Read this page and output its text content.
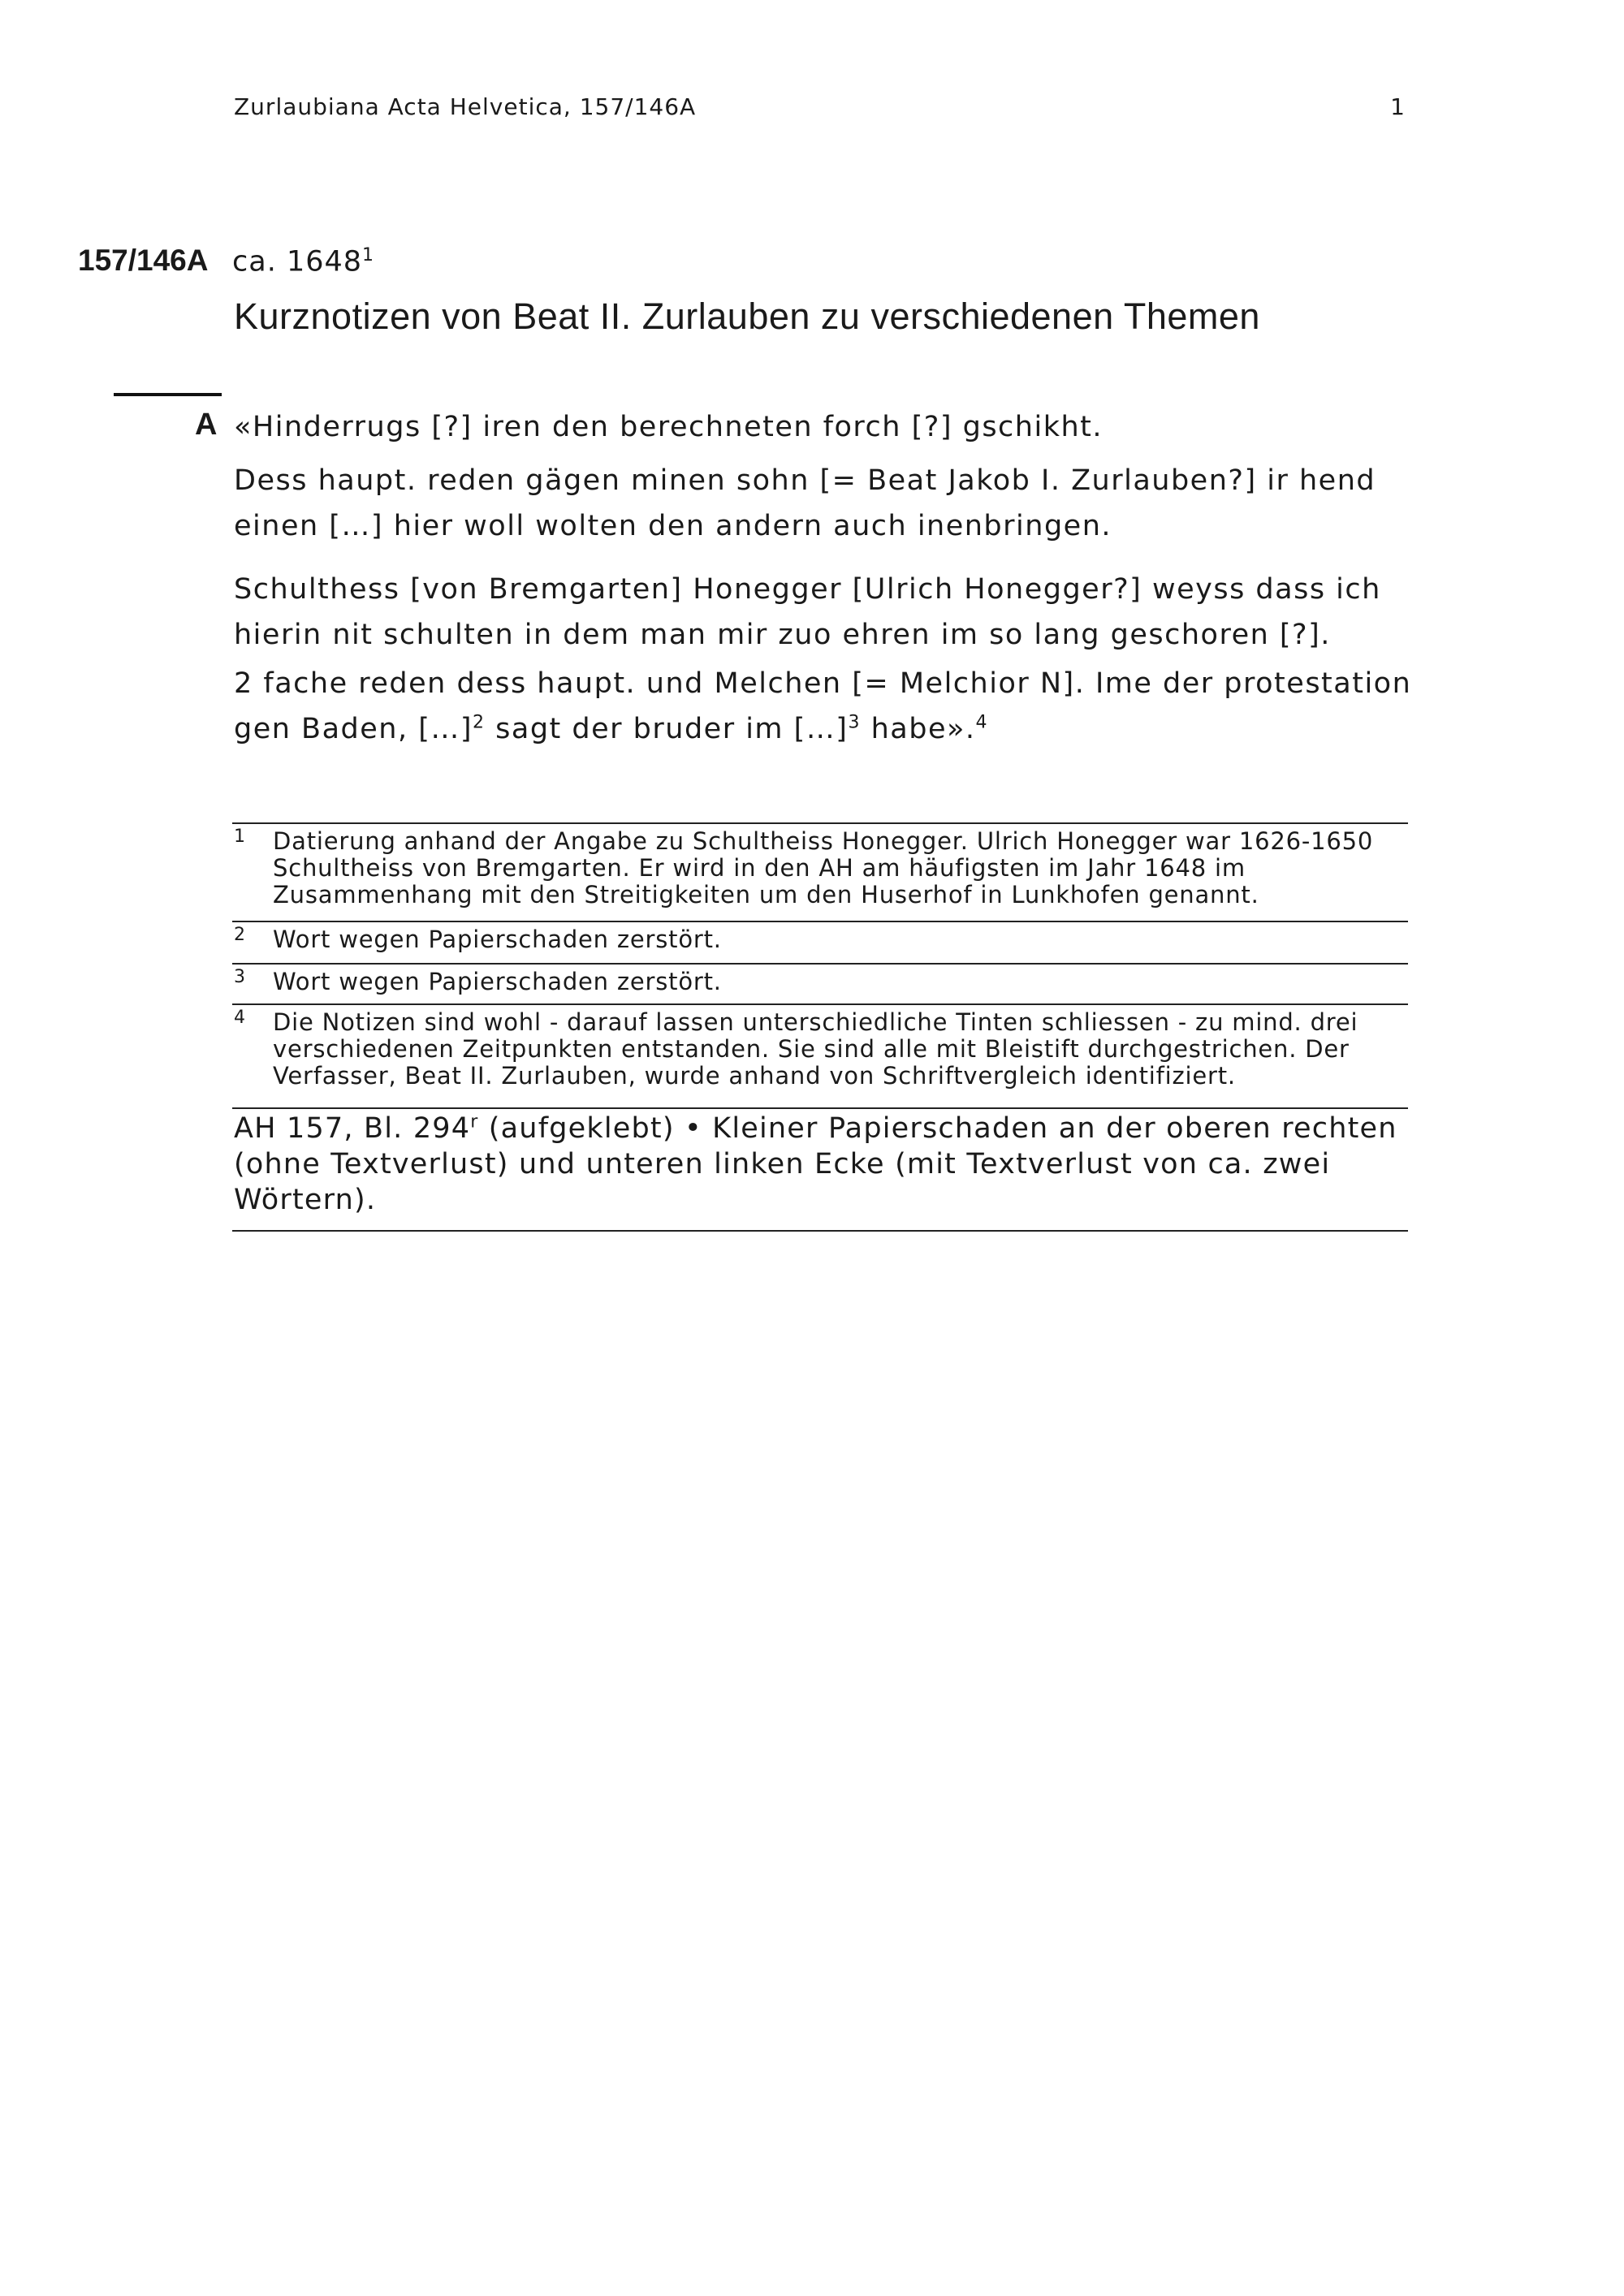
Zurlaubiana Acta Helvetica, 157/146A	1
157/146A ca. 1648$^1$
Kurznotizen von Beat II. Zurlauben zu verschiedenen Themen
A «Hinderrugs [?] iren den berechneten forch [?] gschikht.
Dess haupt. reden gägen minen sohn [= Beat Jakob I. Zurlauben?] ir hend einen […] hier woll wolten den andern auch inenbringen.
Schulthess [von Bremgarten] Honegger [Ulrich Honegger?] weyss dass ich hierin nit schulten in dem man mir zuo ehren im so lang geschoren [?].
2 fache reden dess haupt. und Melchen [= Melchior N]. Ime der protestation gen Baden, […]$^2$ sagt der bruder im […]$^3$ habe».$^4$
1 Datierung anhand der Angabe zu Schultheiss Honegger. Ulrich Honegger war 1626-1650 Schultheiss von Bremgarten. Er wird in den AH am häufigsten im Jahr 1648 im Zusammenhang mit den Streitigkeiten um den Huserhof in Lunkhofen genannt.
2 Wort wegen Papierschaden zerstört.
3 Wort wegen Papierschaden zerstört.
4 Die Notizen sind wohl - darauf lassen unterschiedliche Tinten schliessen - zu mind. drei verschiedenen Zeitpunkten entstanden. Sie sind alle mit Bleistift durchgestrichen. Der Verfasser, Beat II. Zurlauben, wurde anhand von Schriftvergleich identifiziert.
AH 157, Bl. 294$^r$ (aufgeklebt) • Kleiner Papierschaden an der oberen rechten (ohne Textverlust) und unteren linken Ecke (mit Textverlust von ca. zwei Wörtern).
